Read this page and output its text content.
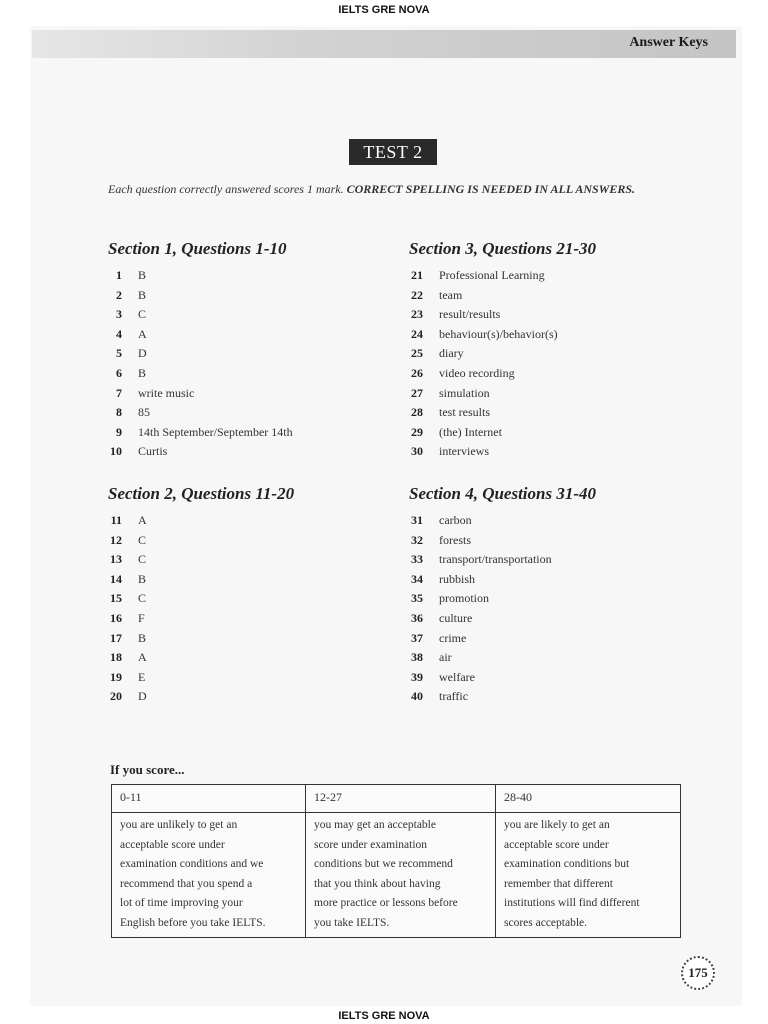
IELTS GRE NOVA
Answer Keys
TEST 2
Each question correctly answered scores 1 mark. CORRECT SPELLING IS NEEDED IN ALL ANSWERS.
Section 1, Questions 1-10
1 B
2 B
3 C
4 A
5 D
6 B
7 write music
8 85
9 14th September/September 14th
10 Curtis
Section 3, Questions 21-30
21 Professional Learning
22 team
23 result/results
24 behaviour(s)/behavior(s)
25 diary
26 video recording
27 simulation
28 test results
29 (the) Internet
30 interviews
Section 2, Questions 11-20
11 A
12 C
13 C
14 B
15 C
16 F
17 B
18 A
19 E
20 D
Section 4, Questions 31-40
31 carbon
32 forests
33 transport/transportation
34 rubbish
35 promotion
36 culture
37 crime
38 air
39 welfare
40 traffic
If you score...
0-11
you are unlikely to get an
acceptable score under
examination conditions and we
recommend that you spend a
lot of time improving your
English before you take IELTS.
12-27
you may get an acceptable
score under examination
conditions but we recommend
that you think about having
more practice or lessons before
you take IELTS.
28-40
you are likely to get an
acceptable score under
examination conditions but
remember that different
institutions will find different
scores acceptable.
175
IELTS GRE NOVA
